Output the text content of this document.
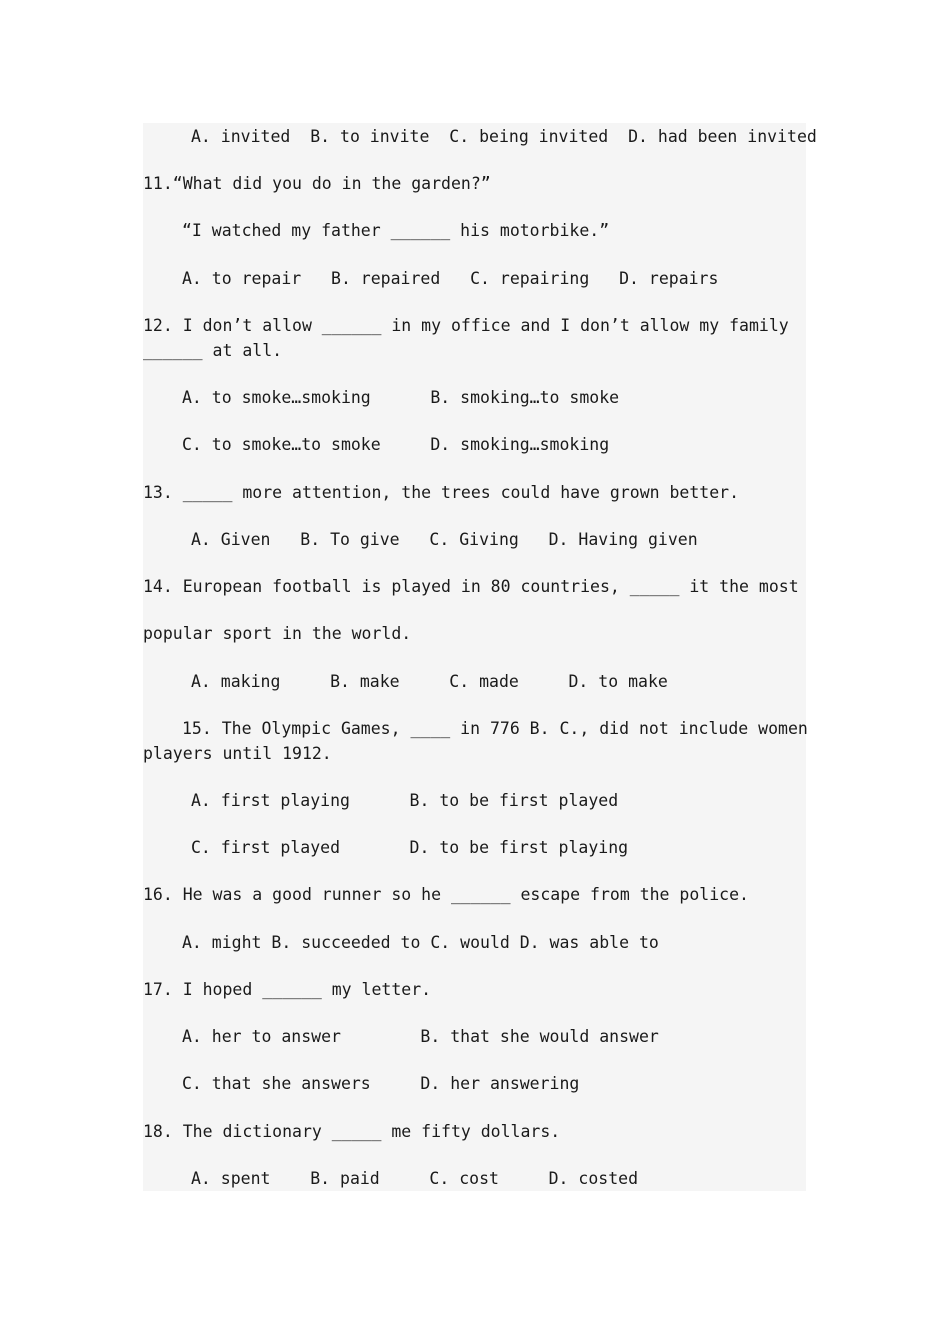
A. invited  B. to invite  C. being invited  D. had been invited
11.“What did you do in the garden?”
“I watched my father ______ his motorbike.”
A. to repair   B. repaired   C. repairing   D. repairs
12. I don’t allow ______ in my office and I don’t allow my family
______ at all.
A. to smoke…smoking      B. smoking…to smoke
C. to smoke…to smoke     D. smoking…smoking
13. _____ more attention, the trees could have grown better.
A. Given   B. To give   C. Giving   D. Having given
14. European football is played in 80 countries, _____ it the most
popular sport in the world.
A. making     B. make     C. made     D. to make
15. The Olympic Games, ____ in 776 B. C., did not include women
players until 1912.
A. first playing      B. to be first played
C. first played       D. to be first playing
16. He was a good runner so he ______ escape from the police.
A. might B. succeeded to C. would D. was able to
17. I hoped ______ my letter.
A. her to answer        B. that she would answer
C. that she answers     D. her answering
18. The dictionary _____ me fifty dollars.
A. spent    B. paid     C. cost     D. costed
